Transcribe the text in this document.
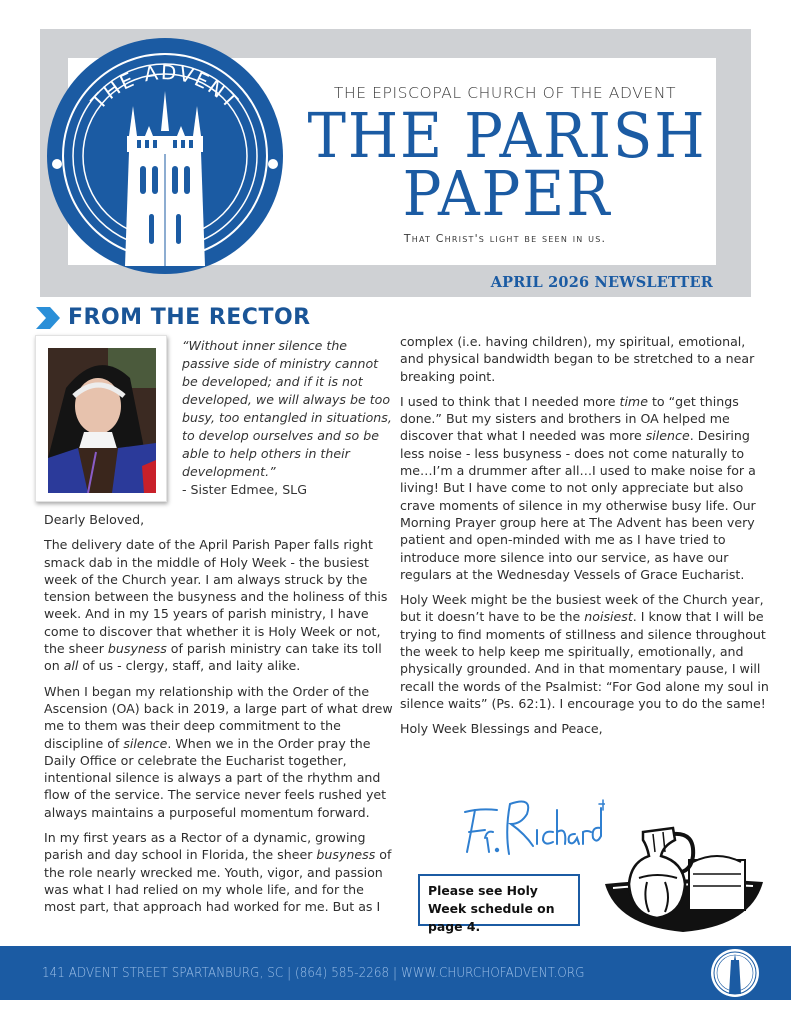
THE ADVENT	THE EPISCOPAL CHURCH OF THE ADVENT
THE PARISH
PAPER
That Christ's light be seen in us.
APRIL 2026 NEWSLETTER
FROM THE RECTOR
“Without inner silence the passive side of ministry cannot be developed; and if it is not developed, we will always be too busy, too entangled in situations, to develop ourselves and so be able to help others in their development.”
- Sister Edmee, SLG

Dearly Beloved,

The delivery date of the April Parish Paper falls right smack dab in the middle of Holy Week - the busiest week of the Church year. I am always struck by the tension between the busyness and the holiness of this week. And in my 15 years of parish ministry, I have come to discover that whether it is Holy Week or not, the sheer busyness of parish ministry can take its toll on all of us - clergy, staff, and laity alike.

When I began my relationship with the Order of the Ascension (OA) back in 2019, a large part of what drew me to them was their deep commitment to the discipline of silence. When we in the Order pray the Daily Office or celebrate the Eucharist together, intentional silence is always a part of the rhythm and flow of the service. The service never feels rushed yet always maintains a purposeful momentum forward.

In my first years as a Rector of a dynamic, growing parish and day school in Florida, the sheer busyness of the role nearly wrecked me. Youth, vigor, and passion was what I had relied on my whole life, and for the most part, that approach had worked for me. But as I

complex (i.e. having children), my spiritual, emotional, and physical bandwidth began to be stretched to a near breaking point.

I used to think that I needed more time to “get things done.” But my sisters and brothers in OA helped me discover that what I needed was more silence. Desiring less noise - less busyness - does not come naturally to me…I’m a drummer after all…I used to make noise for a living! But I have come to not only appreciate but also crave moments of silence in my otherwise busy life. Our Morning Prayer group here at The Advent has been very patient and open-minded with me as I have tried to introduce more silence into our service, as have our regulars at the Wednesday Vessels of Grace Eucharist.

Holy Week might be the busiest week of the Church year, but it doesn’t have to be the noisiest. I know that I will be trying to find moments of stillness and silence throughout the week to help keep me spiritually, emotionally, and physically grounded. And in that momentary pause, I will recall the words of the Psalmist: “For God alone my soul in silence waits” (Ps. 62:1). I encourage you to do the same!

Holy Week Blessings and Peace,

Please see Holy Week schedule on page 4.
141 ADVENT STREET SPARTANBURG, SC | (864) 585-2268 | WWW.CHURCHOFADVENT.ORG
